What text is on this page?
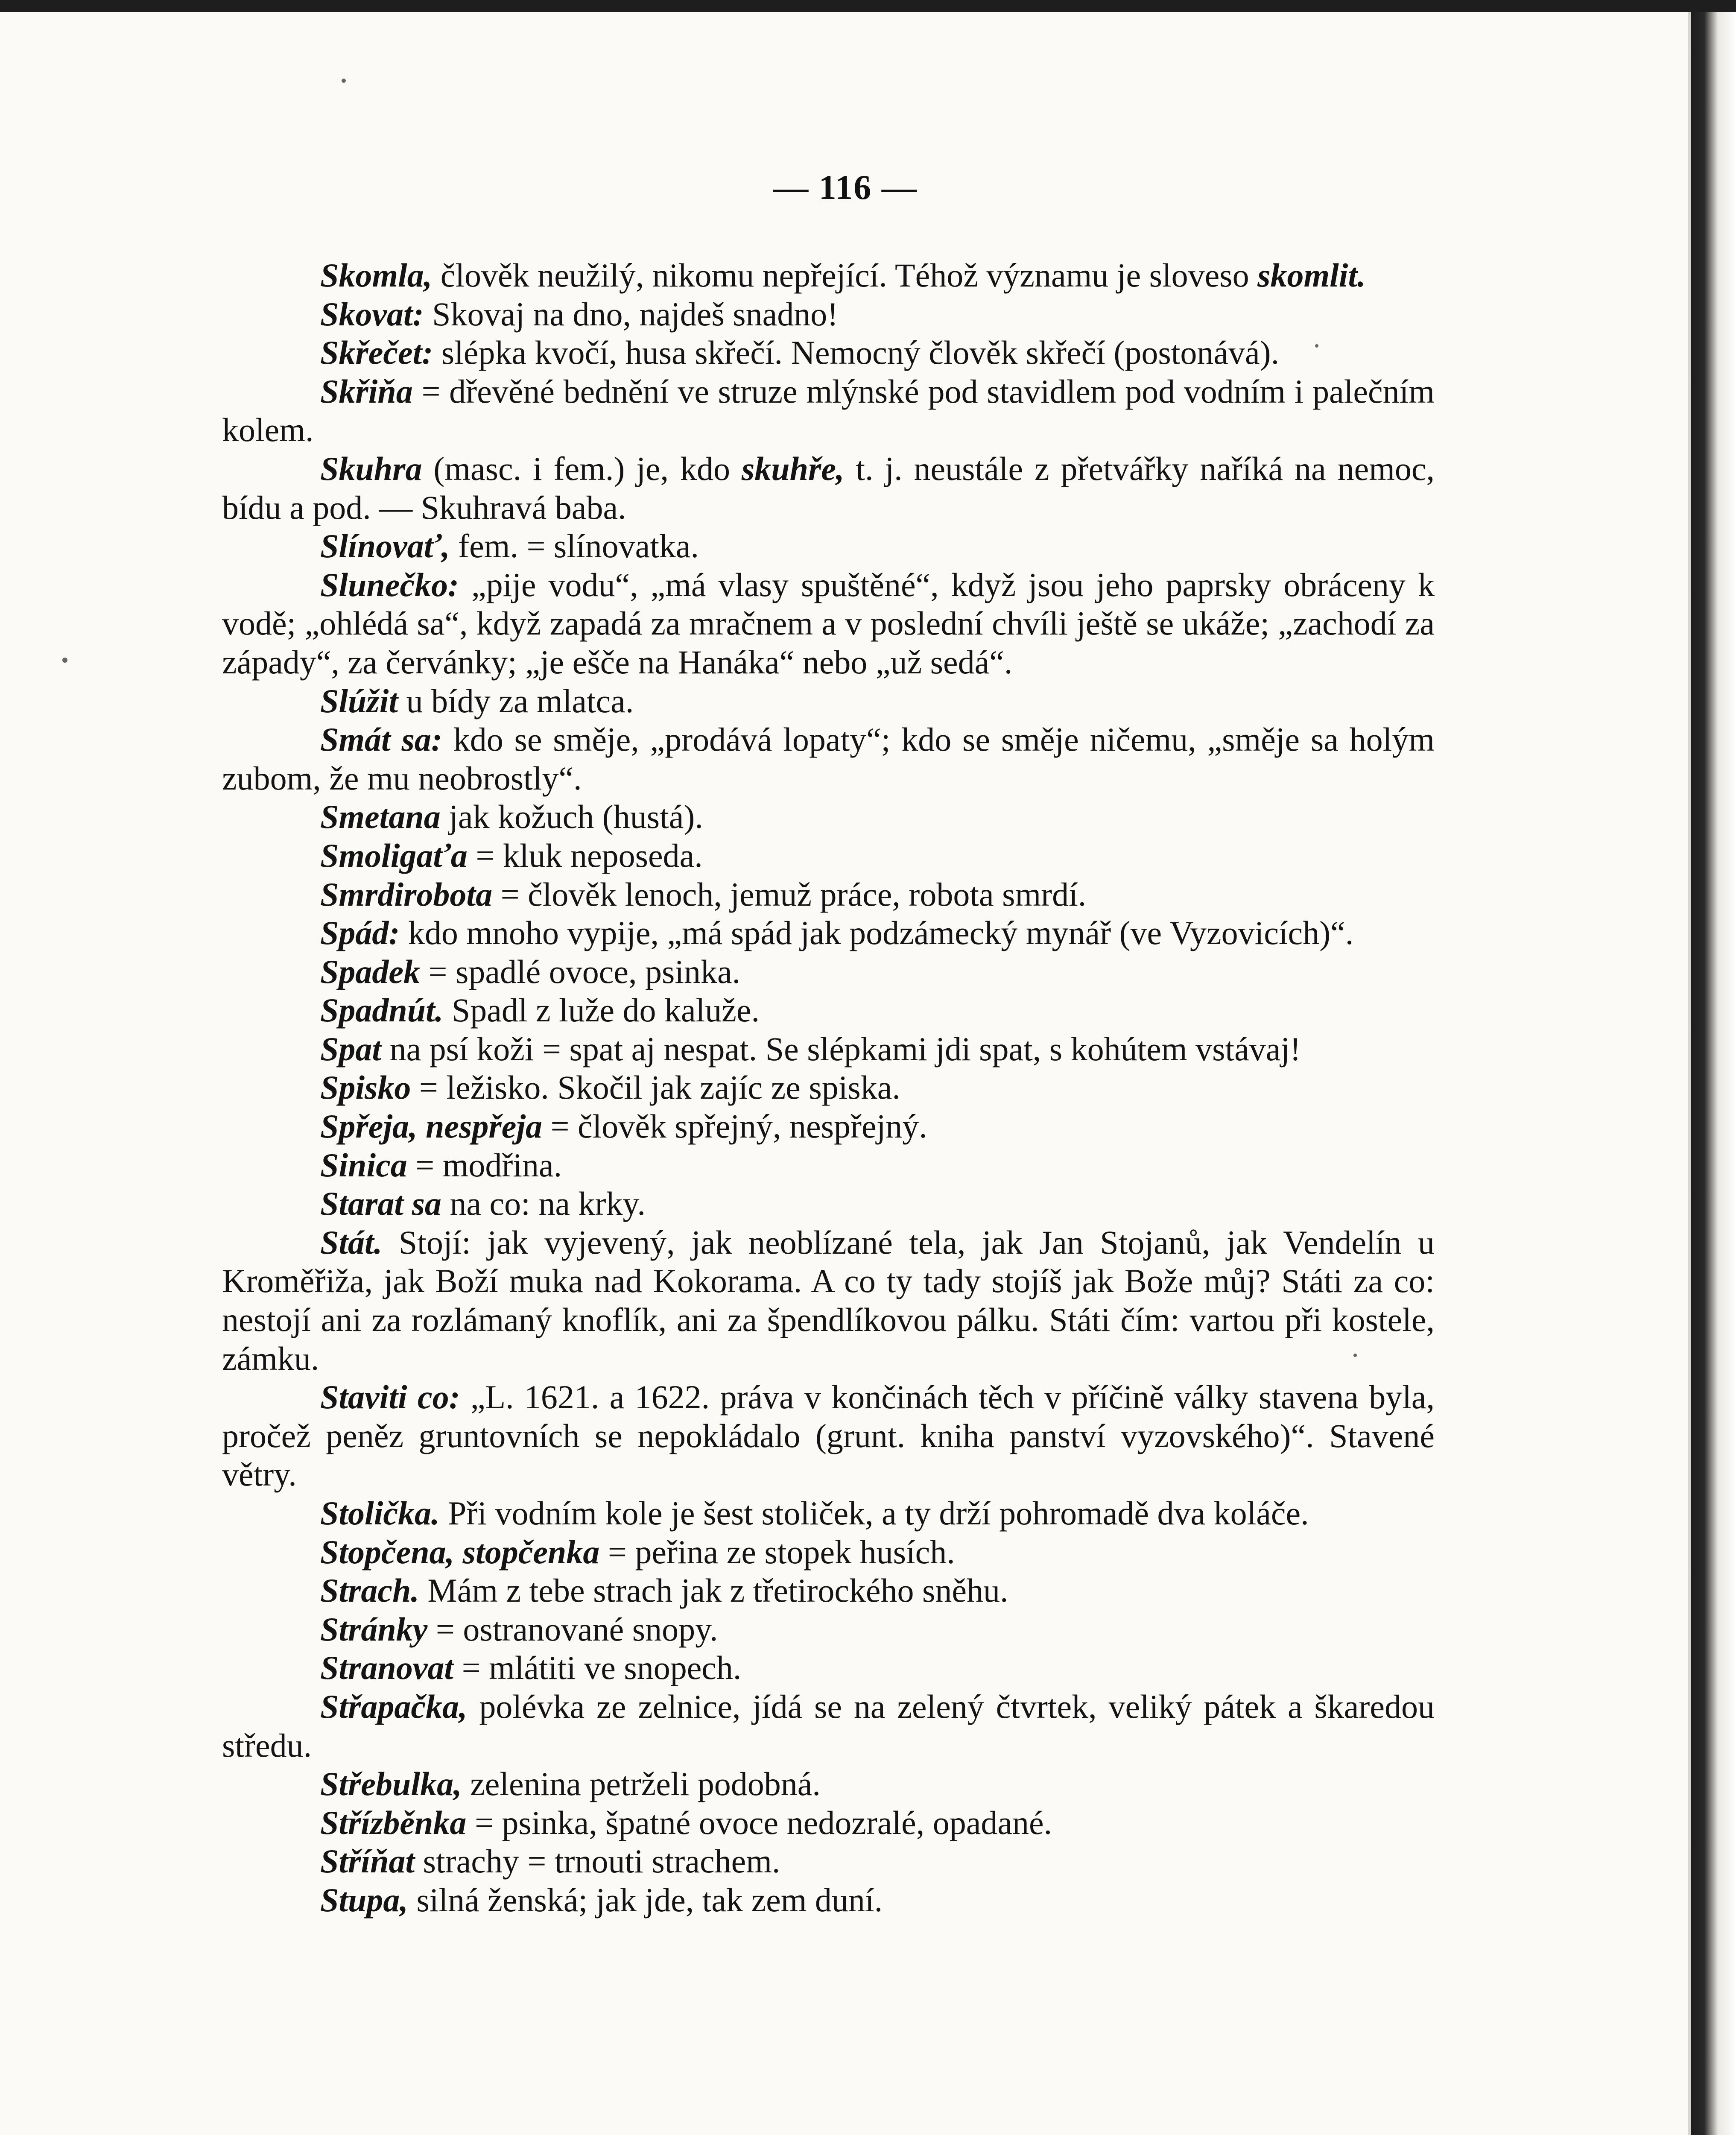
— 116 —

Skomla, člověk neužilý, nikomu nepřející. Téhož významu je sloveso skomlit.

Skovat: Skovaj na dno, najdeš snadno!

Skřečet: slépka kvočí, husa skřečí. Nemocný člověk skřečí (postonává).

Skřiňa = dřevěné bednění ve struze mlýnské pod stavidlem pod vodním i palečním kolem.

Skuhra (masc. i fem.) je, kdo skuhře, t. j. neustále z přetvářky naříká na nemoc, bídu a pod. — Skuhravá baba.

Slínovať, fem. = slínovatka.

Slunečko: „pije vodu“, „má vlasy spuštěné“, když jsou jeho paprsky obráceny k vodě; „ohlédá sa“, když zapadá za mračnem a v poslední chvíli ještě se ukáže; „zachodí za západy“, za červánky; „je ešče na Hanáka“ nebo „už sedá“.

Slúžit u bídy za mlatca.

Smát sa: kdo se směje, „prodává lopaty“; kdo se směje ničemu, „směje sa holým zubom, že mu neobrostly“.

Smetana jak kožuch (hustá).

Smoligaťa = kluk neposeda.

Smrdirobota = člověk lenoch, jemuž práce, robota smrdí.

Spád: kdo mnoho vypije, „má spád jak podzámecký mynář (ve Vyzovicích)“.

Spadek = spadlé ovoce, psinka.

Spadnút. Spadl z luže do kaluže.

Spat na psí koži = spat aj nespat. Se slépkami jdi spat, s kohútem vstávaj!

Spisko = ležisko. Skočil jak zajíc ze spiska.

Spřeja, nespřeja = člověk spřejný, nespřejný.

Sinica = modřina.

Starat sa na co: na krky.

Stát. Stojí: jak vyjevený, jak neoblízané tela, jak Jan Stojanů, jak Vendelín u Kroměřiža, jak Boží muka nad Kokorama. A co ty tady stojíš jak Bože můj? Státi za co: nestojí ani za rozlámaný knoflík, ani za špendlíkovou pálku. Státi čím: vartou při kostele, zámku.

Staviti co: „L. 1621. a 1622. práva v končinách těch v příčině války stavena byla, pročež peněz gruntovních se nepokládalo (grunt. kniha panství vyzovského)“. Stavené větry.

Stolička. Při vodním kole je šest stoliček, a ty drží pohromadě dva koláče.

Stopčena, stopčenka = peřina ze stopek husích.

Strach. Mám z tebe strach jak z třetirockého sněhu.

Stránky = ostranované snopy.

Stranovat = mlátiti ve snopech.

Střapačka, polévka ze zelnice, jídá se na zelený čtvrtek, veliký pátek a škaredou středu.

Střebulka, zelenina petrželi podobná.

Střízběnka = psinka, špatné ovoce nedozralé, opadané.

Stříňat strachy = trnouti strachem.

Stupa, silná ženská; jak jde, tak zem duní.
